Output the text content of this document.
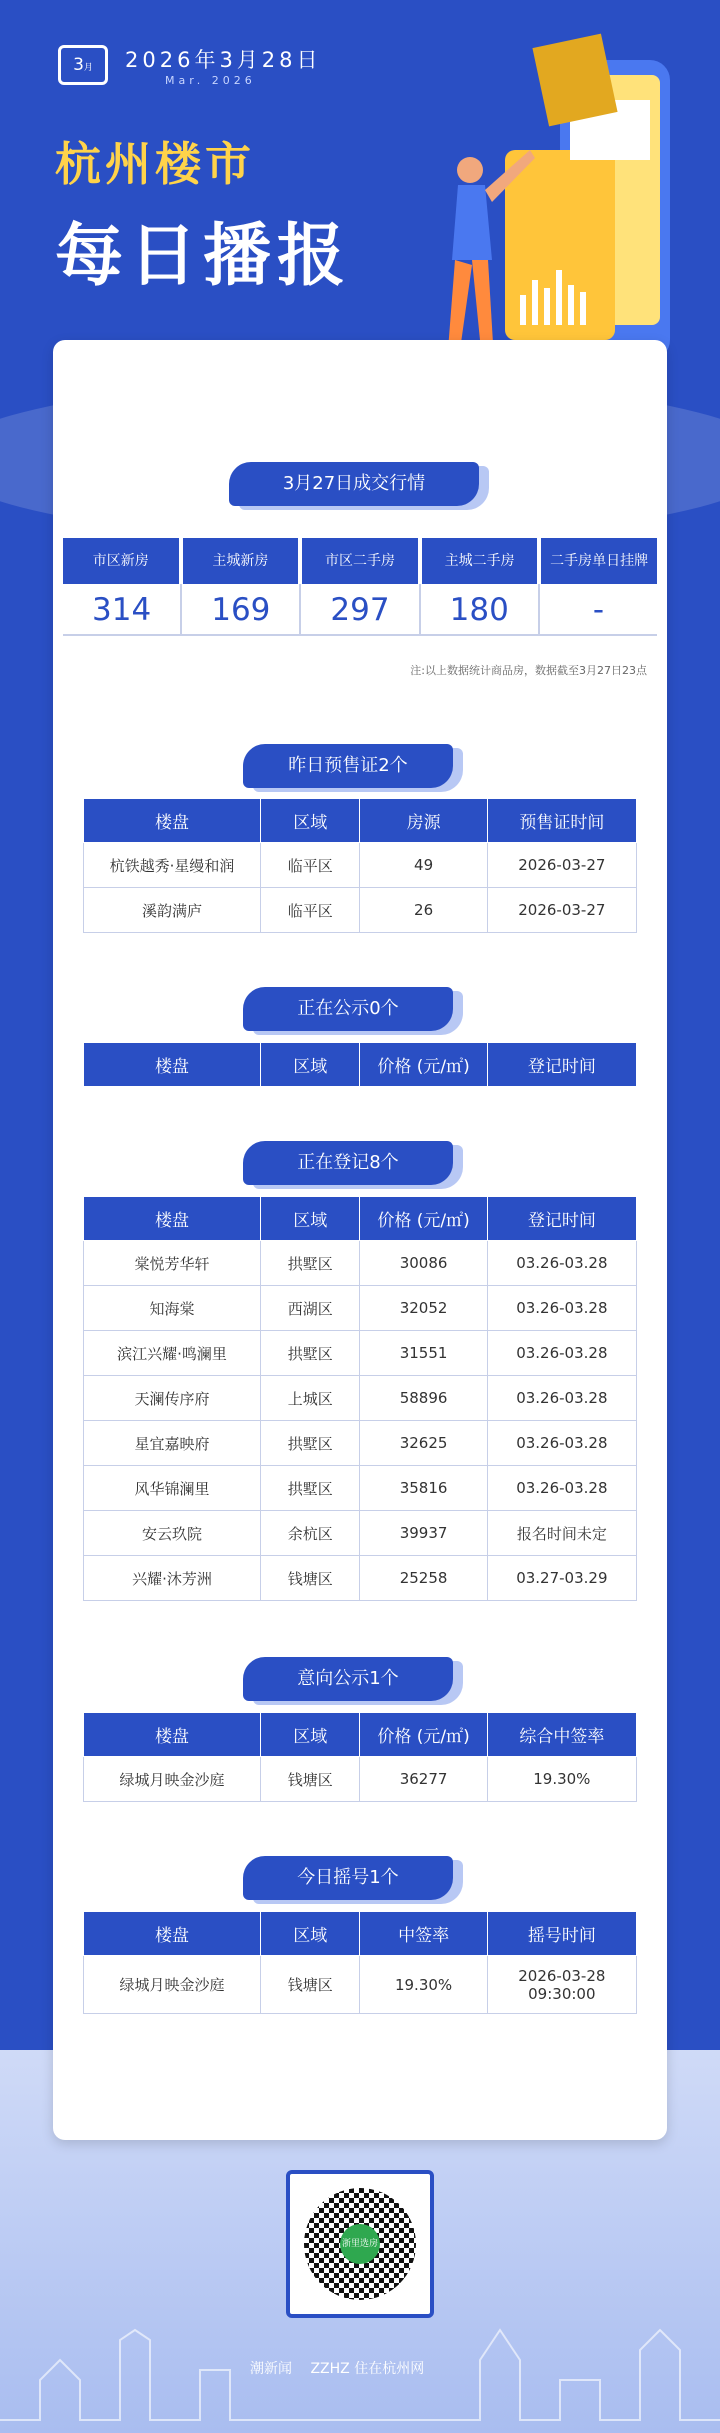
3月	2026年3月28日
Mar. 2026
杭州楼市
每日播报
3月27日成交行情
市区新房	主城新房	市区二手房	主城二手房	二手房单日挂牌
314	169	297	180	-
注:以上数据统计商品房，数据截至3月27日23点
昨日预售证2个
楼盘	区域	房源	预售证时间
杭铁越秀·星缦和润	临平区	49	2026-03-27
溪韵满庐	临平区	26	2026-03-27
正在公示0个
楼盘	区域	价格 (元/㎡)	登记时间
正在登记8个
楼盘	区域	价格 (元/㎡)	登记时间
棠悦芳华轩	拱墅区	30086	03.26-03.28
知海棠	西湖区	32052	03.26-03.28
滨江兴耀·鸣澜里	拱墅区	31551	03.26-03.28
天澜传序府	上城区	58896	03.26-03.28
星宜嘉映府	拱墅区	32625	03.26-03.28
风华锦澜里	拱墅区	35816	03.26-03.28
安云玖院	余杭区	39937	报名时间未定
兴耀·沐芳洲	钱塘区	25258	03.27-03.29
意向公示1个
楼盘	区域	价格 (元/㎡)	综合中签率
绿城月映金沙庭	钱塘区	36277	19.30%
今日摇号1个
楼盘	区域	中签率	摇号时间
绿城月映金沙庭	钱塘区	19.30%	2026-03-28
09:30:00
浙里选房
潮新闻 ZZHZ 住在杭州网
